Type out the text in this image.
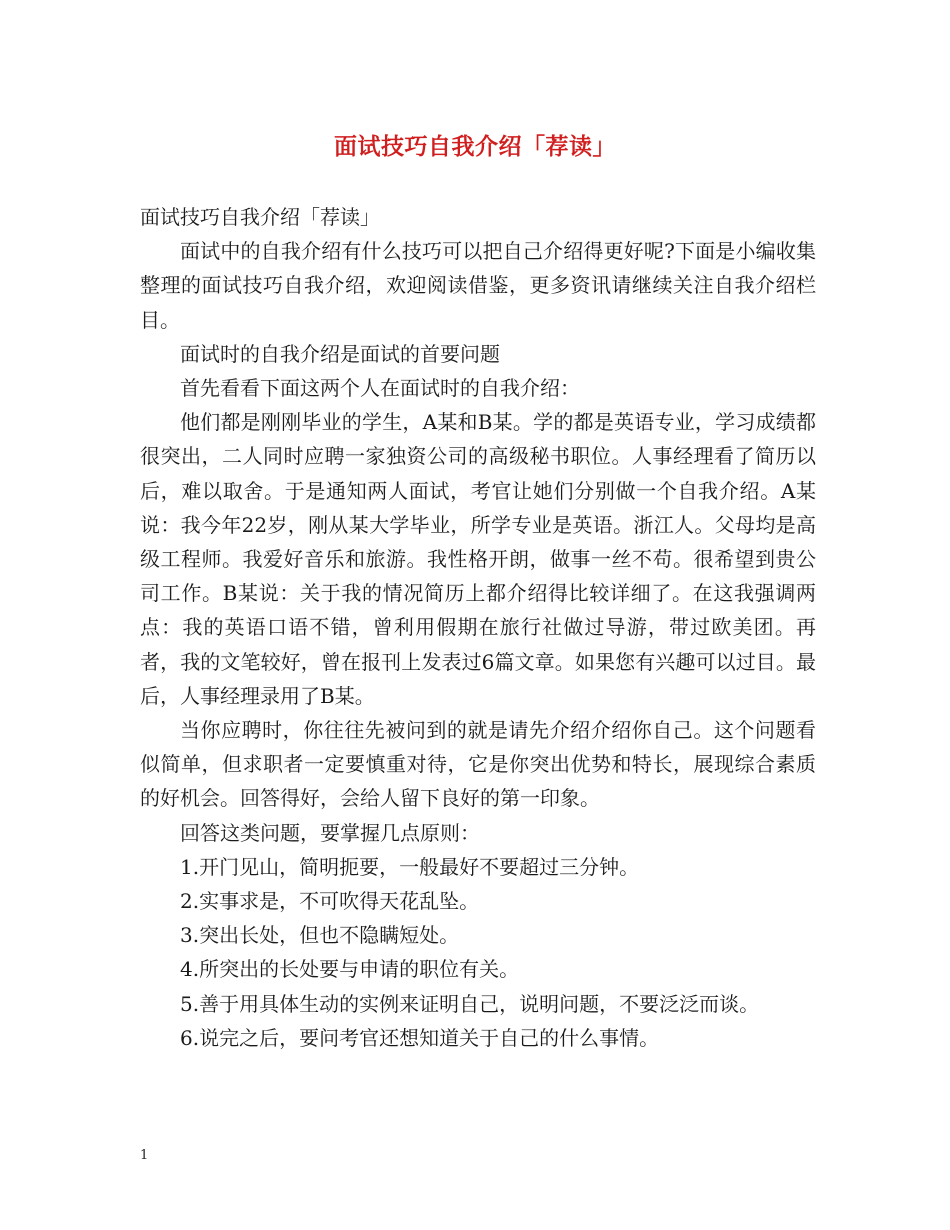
面试技巧自我介绍「荐读」

面试技巧自我介绍「荐读」

面试中的自我介绍有什么技巧可以把自己介绍得更好呢?下面是小编收集整理的面试技巧自我介绍，欢迎阅读借鉴，更多资讯请继续关注自我介绍栏目。

面试时的自我介绍是面试的首要问题

首先看看下面这两个人在面试时的自我介绍：

他们都是刚刚毕业的学生，A某和B某。学的都是英语专业，学习成绩都很突出，二人同时应聘一家独资公司的高级秘书职位。人事经理看了简历以后，难以取舍。于是通知两人面试，考官让她们分别做一个自我介绍。A某说：我今年22岁，刚从某大学毕业，所学专业是英语。浙江人。父母均是高级工程师。我爱好音乐和旅游。我性格开朗，做事一丝不苟。很希望到贵公司工作。B某说：关于我的情况简历上都介绍得比较详细了。在这我强调两点：我的英语口语不错，曾利用假期在旅行社做过导游，带过欧美团。再者，我的文笔较好，曾在报刊上发表过6篇文章。如果您有兴趣可以过目。最后，人事经理录用了B某。

当你应聘时，你往往先被问到的就是请先介绍介绍你自己。这个问题看似简单，但求职者一定要慎重对待，它是你突出优势和特长，展现综合素质的好机会。回答得好，会给人留下良好的第一印象。

回答这类问题，要掌握几点原则：

1.开门见山，简明扼要，一般最好不要超过三分钟。

2.实事求是，不可吹得天花乱坠。

3.突出长处，但也不隐瞒短处。

4.所突出的长处要与申请的职位有关。

5.善于用具体生动的实例来证明自己，说明问题，不要泛泛而谈。

6.说完之后，要问考官还想知道关于自己的什么事情。

1
